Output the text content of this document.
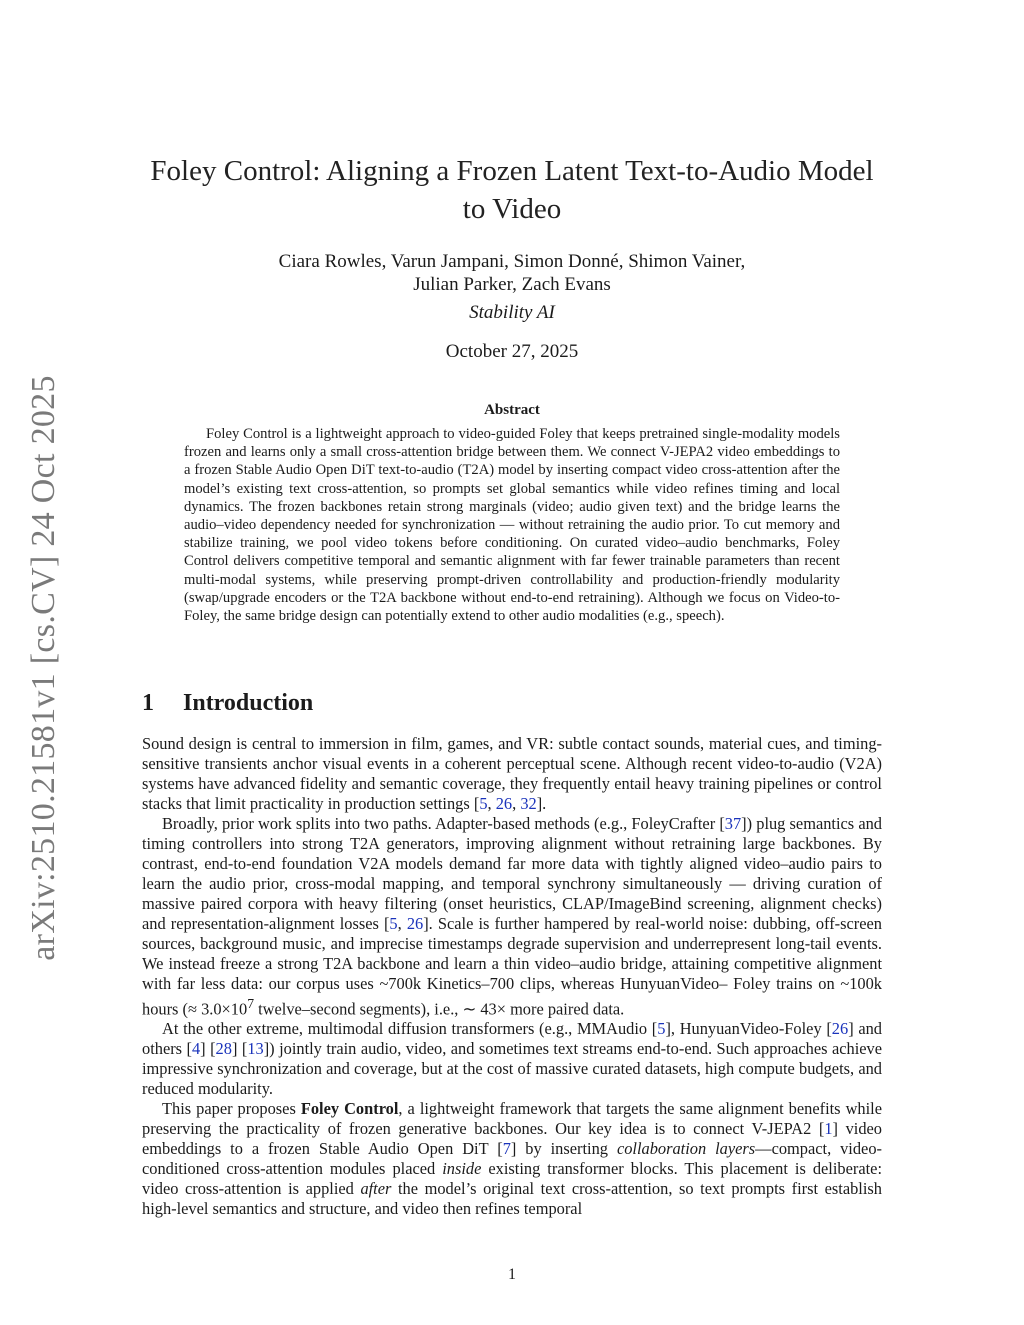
arXiv:2510.21581v1 [cs.CV] 24 Oct 2025
Foley Control: Aligning a Frozen Latent Text-to-Audio Model
to Video
Ciara Rowles, Varun Jampani, Simon Donné, Shimon Vainer,
Julian Parker, Zach Evans
Stability AI
October 27, 2025
Abstract

Foley Control is a lightweight approach to video-guided Foley that keeps pretrained single-modality models frozen and learns only a small cross-attention bridge between them. We connect V-JEPA2 video embeddings to a frozen Stable Audio Open DiT text-to-audio (T2A) model by inserting compact video cross-attention after the model’s existing text cross-attention, so prompts set global semantics while video refines timing and local dynamics. The frozen backbones retain strong marginals (video; audio given text) and the bridge learns the audio–video dependency needed for synchronization — without retraining the audio prior. To cut memory and stabilize training, we pool video tokens before conditioning. On curated video–audio benchmarks, Foley Control delivers competitive temporal and semantic alignment with far fewer trainable parameters than recent multi-modal systems, while preserving prompt-driven controllability and production-friendly modularity (swap/upgrade encoders or the T2A backbone without end-to-end retraining). Although we focus on Video-to-Foley, the same bridge design can potentially extend to other audio modalities (e.g., speech).

1 Introduction

Sound design is central to immersion in film, games, and VR: subtle contact sounds, material cues, and timing-sensitive transients anchor visual events in a coherent perceptual scene. Although recent video-to-audio (V2A) systems have advanced fidelity and semantic coverage, they frequently entail heavy training pipelines or control stacks that limit practicality in production settings [5, 26, 32].

Broadly, prior work splits into two paths. Adapter-based methods (e.g., FoleyCrafter [37]) plug semantics and timing controllers into strong T2A generators, improving alignment without retraining large backbones. By contrast, end-to-end foundation V2A models demand far more data with tightly aligned video–audio pairs to learn the audio prior, cross-modal mapping, and temporal synchrony simultaneously — driving curation of massive paired corpora with heavy filtering (onset heuristics, CLAP/ImageBind screening, alignment checks) and representation-alignment losses [5, 26]. Scale is further hampered by real-world noise: dubbing, off-screen sources, background music, and imprecise timestamps degrade supervision and underrepresent long-tail events. We instead freeze a strong T2A backbone and learn a thin video–audio bridge, attaining competitive alignment with far less data: our corpus uses ~700k Kinetics–700 clips, whereas HunyuanVideo– Foley trains on ~100k hours (≈ $3.0\times 10^7$ twelve–second segments), i.e., ∼ 43× more paired data.

At the other extreme, multimodal diffusion transformers (e.g., MMAudio [5], HunyuanVideo-Foley [26] and others [4] [28] [13]) jointly train audio, video, and sometimes text streams end-to-end. Such approaches achieve impressive synchronization and coverage, but at the cost of massive curated datasets, high compute budgets, and reduced modularity.

This paper proposes Foley Control, a lightweight framework that targets the same alignment benefits while preserving the practicality of frozen generative backbones. Our key idea is to connect V-JEPA2 [1] video embeddings to a frozen Stable Audio Open DiT [7] by inserting collaboration layers—compact, video-conditioned cross-attention modules placed inside existing transformer blocks. This placement is deliberate: video cross-attention is applied after the model’s original text cross-attention, so text prompts first establish high-level semantics and structure, and video then refines temporal

1
